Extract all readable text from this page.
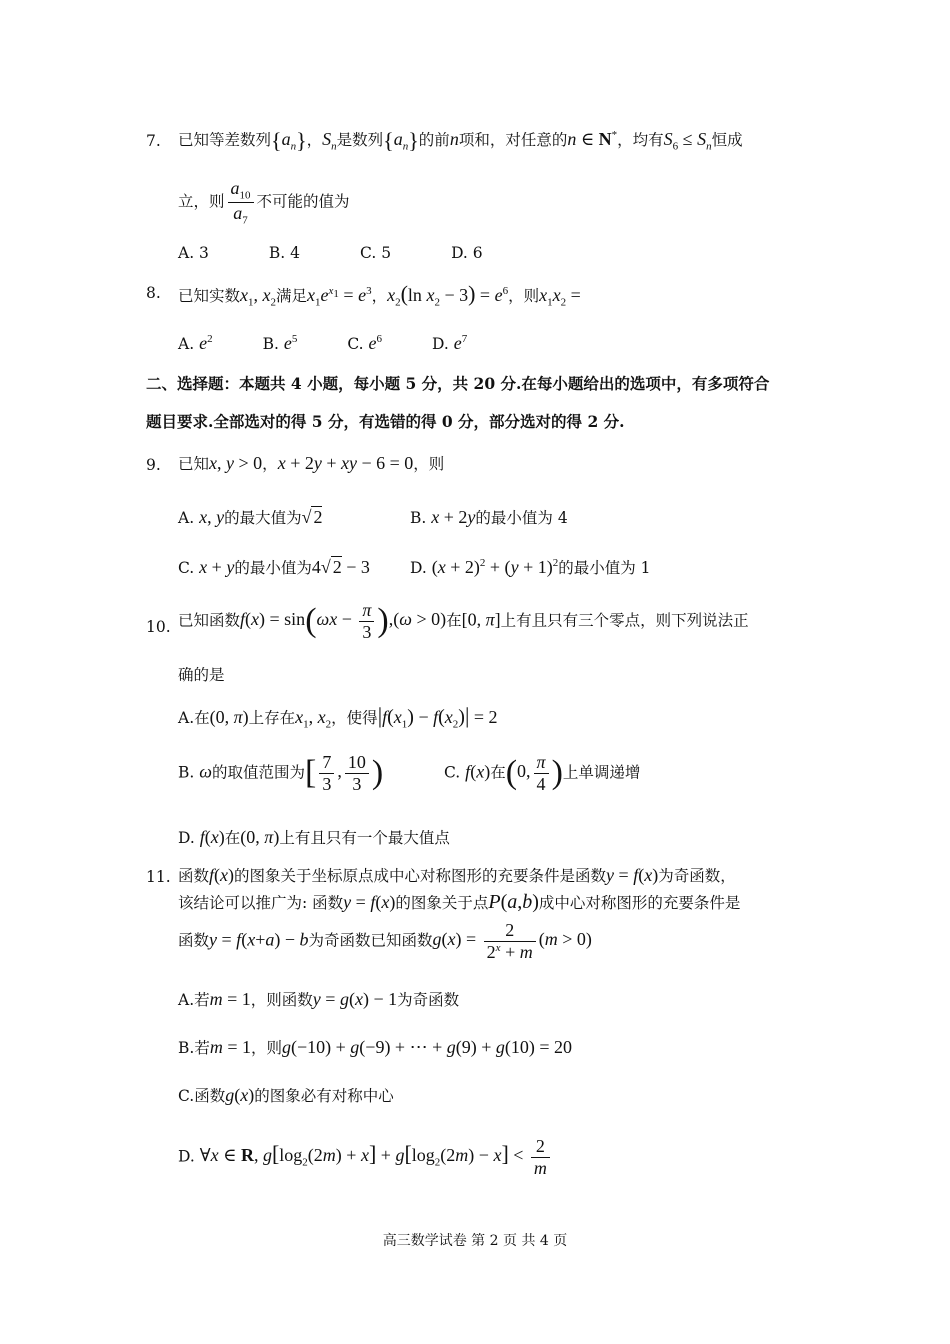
7. 已知等差数列$\{a_n\}$，$S_n$是数列$\{a_n\}$的前n项和，对任意的n ∈ N*，均有$S_6 \le S_n$恒成
立，则 $\frac{a_{10}}{a_7}$ 不可能的值为
A. 3	B. 4	C. 5	D. 6
8. 已知实数$x_1$, $x_2$满足$x_1e^{x_1} = e^3$，$x_2(\ln$ $x_2 - 3) = e^6$，则$x_1x_2$ =
A. $e^2$	B. $e^5$	C. $e^6$	D. $e^7$
二、选择题：本题共 4 小题，每小题 5 分，共 20 分.在每小题给出的选项中，有多项符合
题目要求.全部选对的得 5 分，有选错的得 0 分，部分选对的得 2 分.
9. 已知x, y > 0，x + 2y + xy − 6 = 0，则
A. x, y的最大值为√ 2	B. x + 2y的最小值为 4
C. x + y的最小值为4√ 2 − 3	D. $(x + 2)^2 + (y + 1)^2$的最小值为 1
10. 已知函数$f(x) = \sin(\omega x - \frac{\pi}{3} ),(\omega > 0)$在[0, π]上有且只有三个零点，则下列说法正
确的是
A.在(0, π)上存在$x_1$, $x_2$，使得$|f(x_1) - f(x_2)| = 2$
B. ω的取值范围为[ $\frac{7}{3}$ , $\frac{10}{3}$ )	C. f(x)在(0, $\frac{\pi}{4}$ )上单调递增
D. f(x)在(0, π)上有且只有一个最大值点
11. 函数f(x)的图象关于坐标原点成中心对称图形的充要条件是函数y = f(x)为奇函数，
该结论可以推广为: 函数y = f(x)的图象关于点P(a,b)成中心对称图形的充要条件是
函数y = f(x+a) − b为奇函数已知函数$g(x) = \frac{2}{2^x + m} (m > 0)$
A.若m = 1，则函数y = g(x) − 1为奇函数
B.若m = 1，则g(−10) + g(−9) + ⋯ + g(9) + g(10) = 20
C.函数g(x)的图象必有对称中心
D. ∀x ∈ R, $g[\log_2(2m) + x] + g[\log_2(2m) - x] < \frac{2}{m}$
高三数学试卷 第 2 页 共 4 页
